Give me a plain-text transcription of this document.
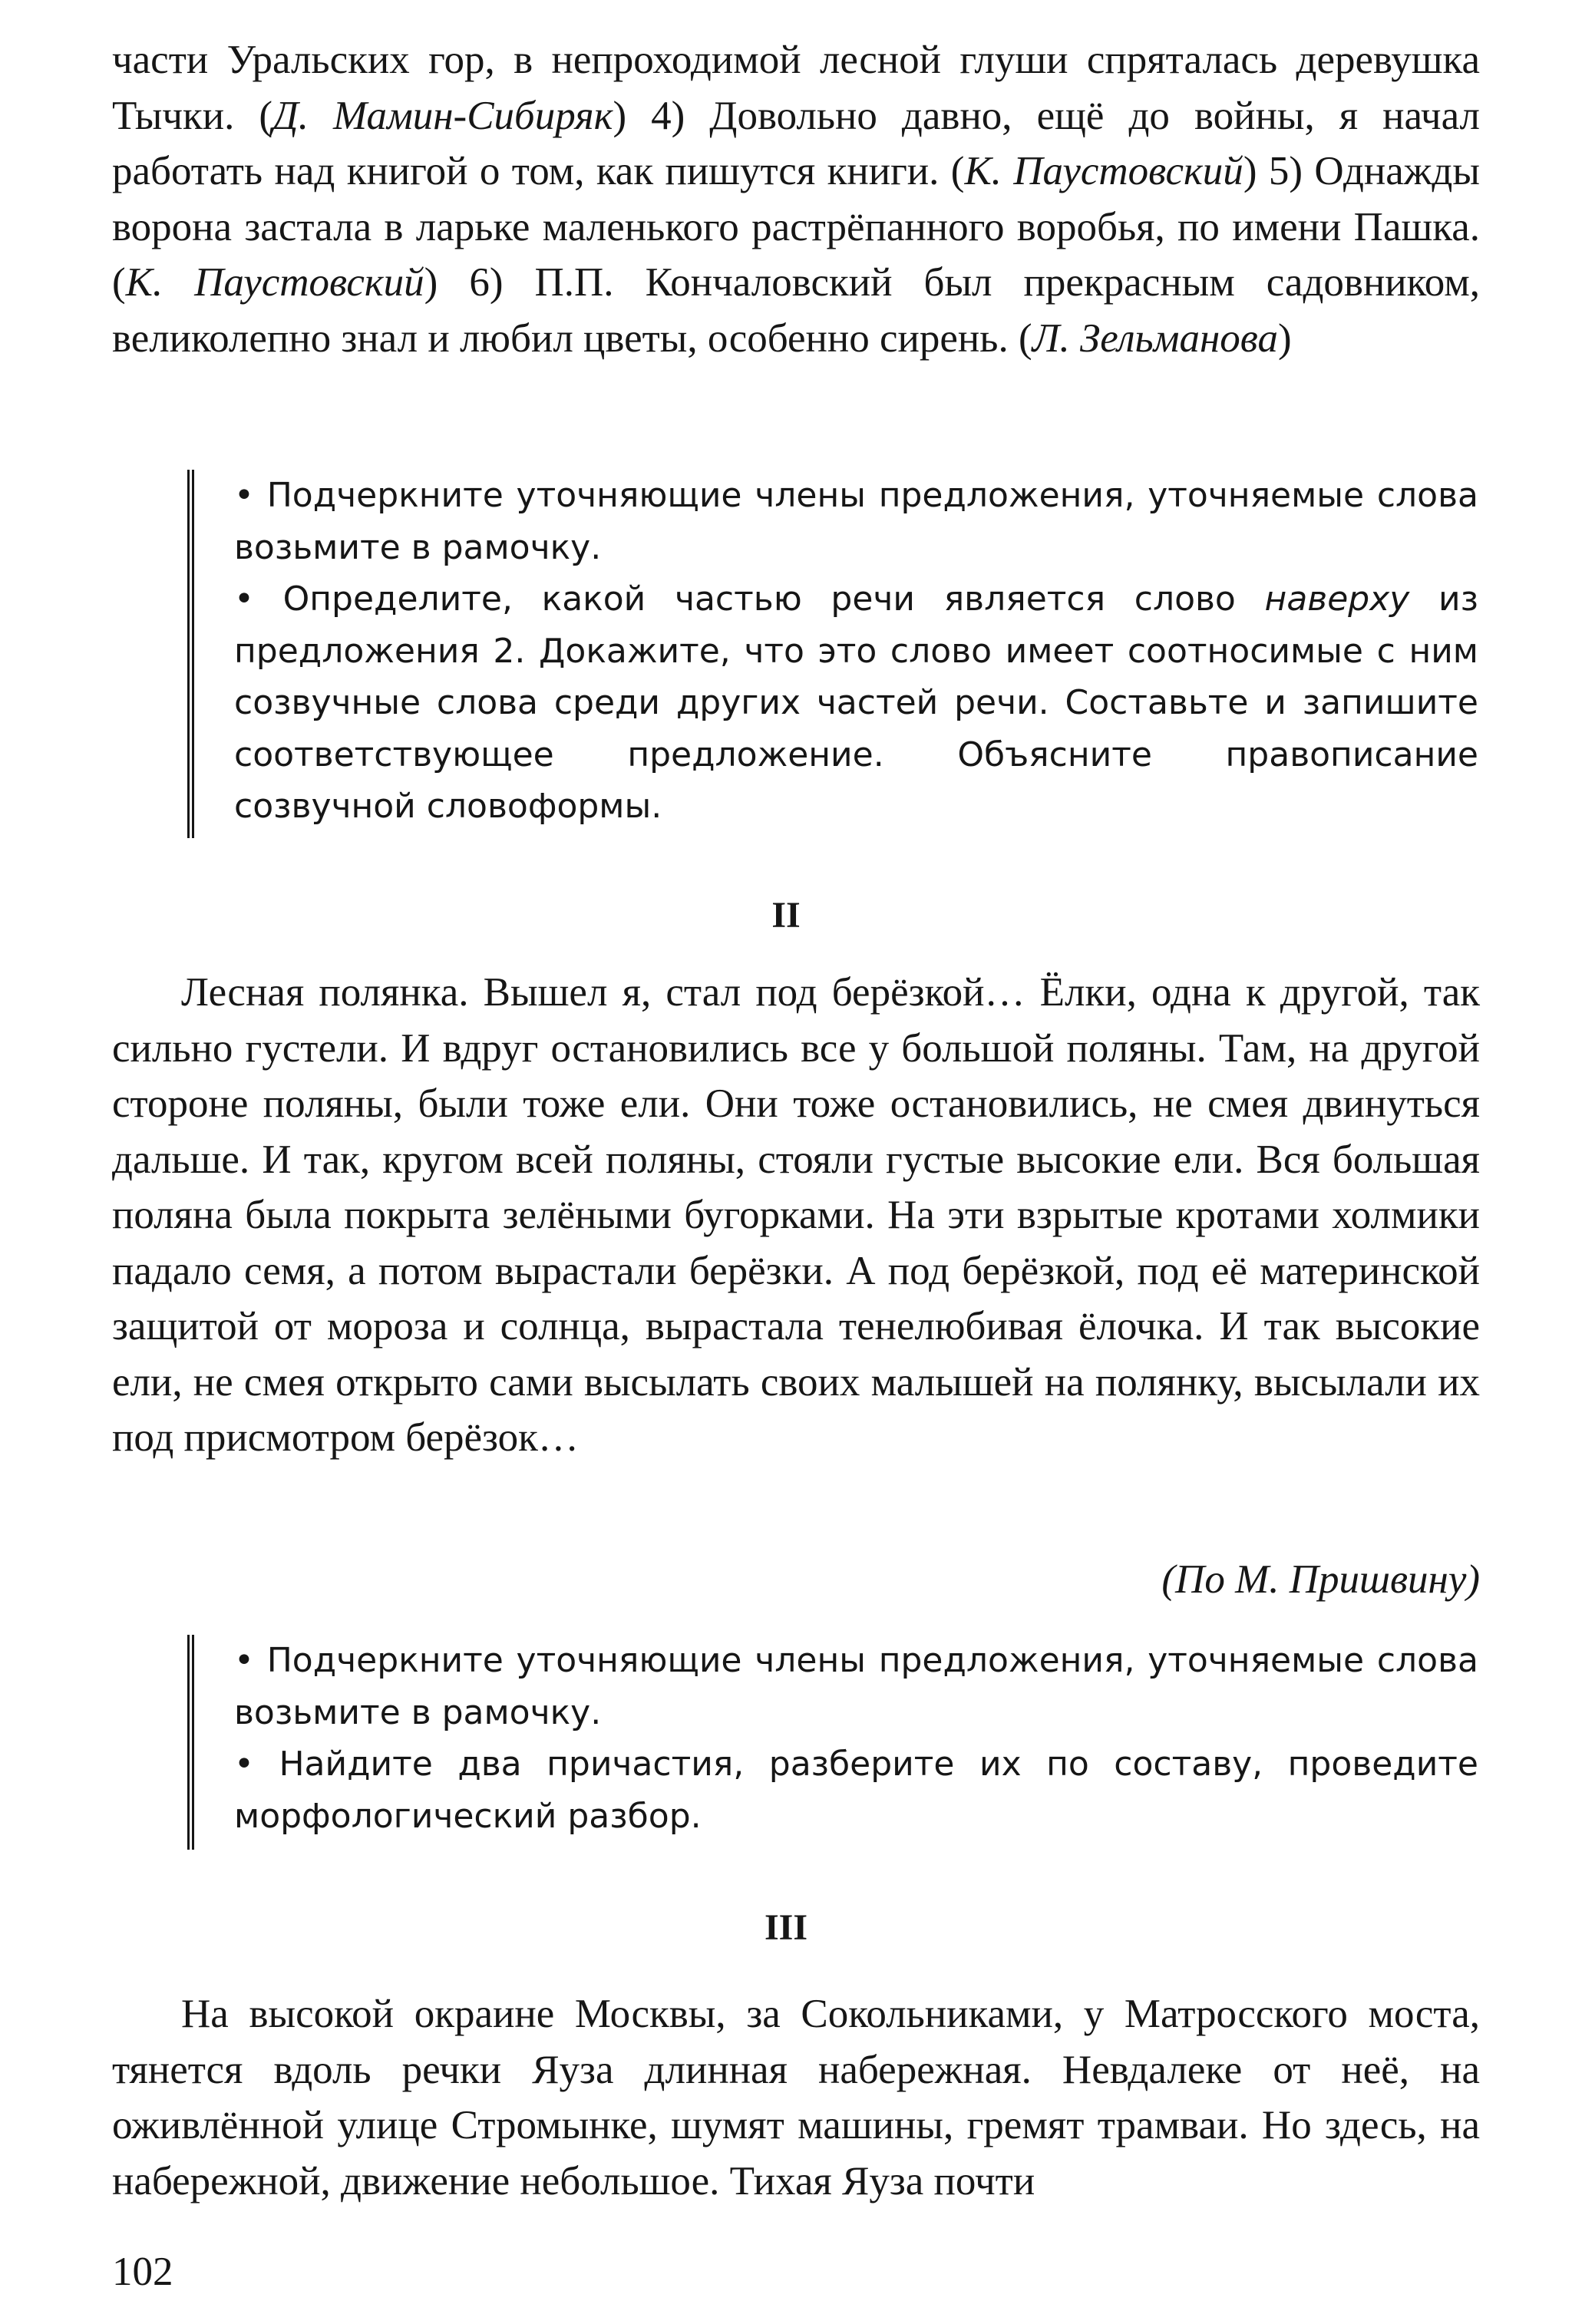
части Уральских гор, в непроходимой лесной глуши спряталась деревушка Тычки. (Д. Мамин-Сибиряк) 4) Довольно давно, ещё до войны, я начал работать над книгой о том, как пишутся книги. (К. Паустовский) 5) Однажды ворона застала в ларьке маленького растрёпанного воробья, по имени Пашка. (К. Паустовский) 6) П.П. Кончаловский был прекрасным садовником, великолепно знал и любил цветы, особенно сирень. (Л. Зельманова)

• Подчеркните уточняющие члены предложения, уточняемые слова возьмите в рамочку.

• Определите, какой частью речи является слово наверху из предложения 2. Докажите, что это слово имеет соотносимые с ним созвучные слова среди других частей речи. Составьте и запишите соответствующее предложение. Объясните правописание созвучной словоформы.

II

Лесная полянка. Вышел я, стал под берёзкой… Ёлки, одна к другой, так сильно густели. И вдруг остановились все у большой поляны. Там, на другой стороне поляны, были тоже ели. Они тоже остановились, не смея двинуться дальше. И так, кругом всей поляны, стояли густые высокие ели. Вся большая поляна была покрыта зелёными бугорками. На эти взрытые кротами холмики падало семя, а потом вырастали берёзки. А под берёзкой, под её материнской защитой от мороза и солнца, вырастала тенелюбивая ёлочка. И так высокие ели, не смея открыто сами высылать своих малышей на полянку, высылали их под присмотром берёзок…

(По М. Пришвину)

• Подчеркните уточняющие члены предложения, уточняемые слова возьмите в рамочку.

• Найдите два причастия, разберите их по составу, проведите морфологический разбор.

III

На высокой окраине Москвы, за Сокольниками, у Матросского моста, тянется вдоль речки Яуза длинная набережная. Невдалеке от неё, на оживлённой улице Стромынке, шумят машины, гремят трамваи. Но здесь, на набережной, движение небольшое. Тихая Яуза почти

102
